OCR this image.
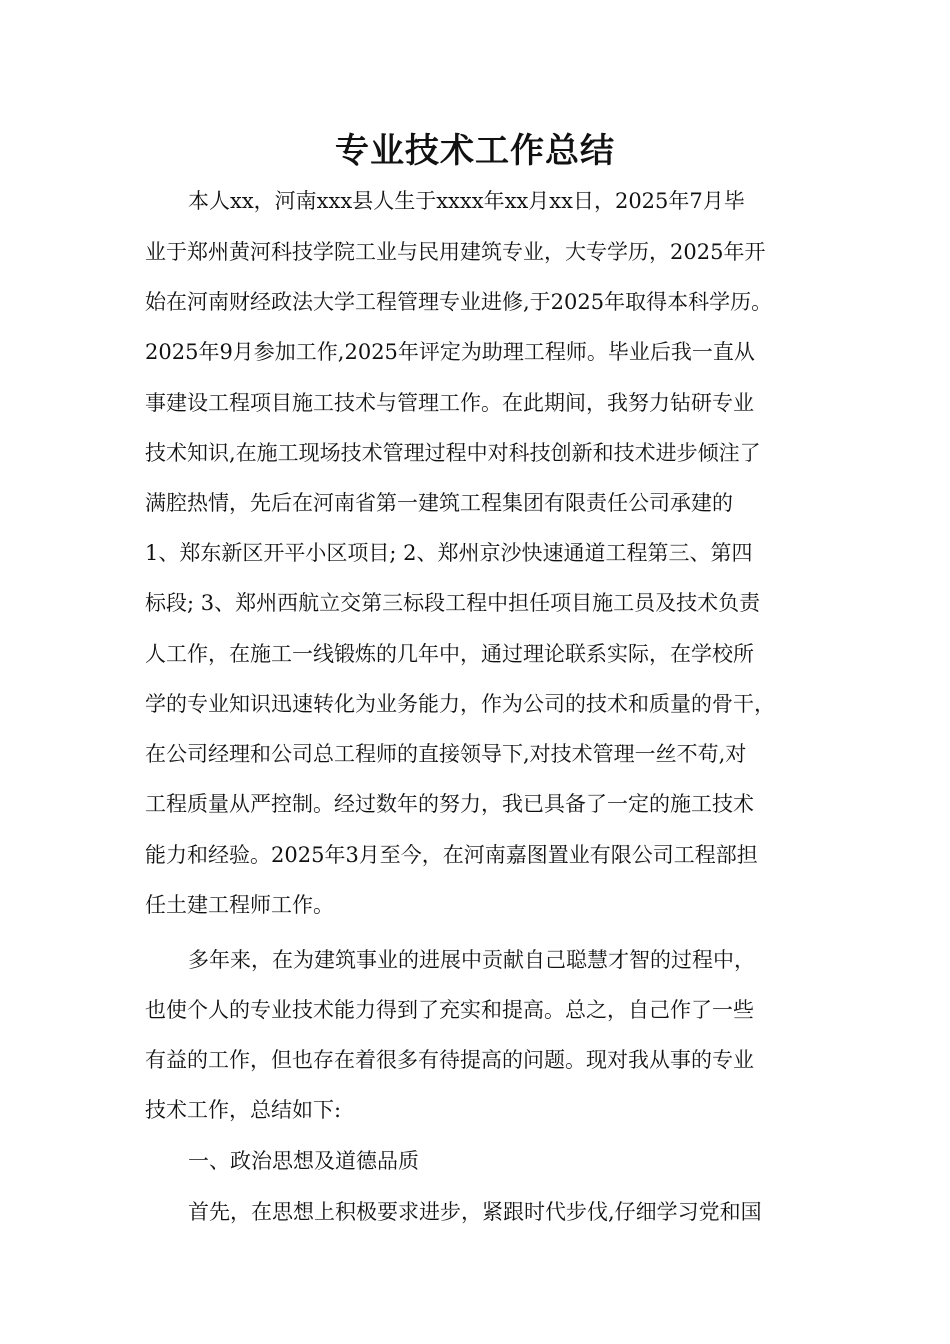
专业技术工作总结
本人xx，河南xxx县人生于xxxx年xx月xx日，2025年7月毕
业于郑州黄河科技学院工业与民用建筑专业，大专学历，2025年开
始在河南财经政法大学工程管理专业进修,于2025年取得本科学历。
2025年9月参加工作,2025年评定为助理工程师。毕业后我一直从
事建设工程项目施工技术与管理工作。在此期间，我努力钻研专业
技术知识,在施工现场技术管理过程中对科技创新和技术进步倾注了
满腔热情，先后在河南省第一建筑工程集团有限责任公司承建的
1、郑东新区开平小区项目; 2、郑州京沙快速通道工程第三、第四
标段; 3、郑州西航立交第三标段工程中担任项目施工员及技术负责
人工作，在施工一线锻炼的几年中，通过理论联系实际，在学校所
学的专业知识迅速转化为业务能力，作为公司的技术和质量的骨干，
在公司经理和公司总工程师的直接领导下,对技术管理一丝不苟,对
工程质量从严控制。经过数年的努力，我已具备了一定的施工技术
能力和经验。2025年3月至今，在河南嘉图置业有限公司工程部担
任土建工程师工作。
多年来，在为建筑事业的进展中贡献自己聪慧才智的过程中，
也使个人的专业技术能力得到了充实和提高。总之，自己作了一些
有益的工作，但也存在着很多有待提高的问题。现对我从事的专业
技术工作，总结如下:
一、政治思想及道德品质
首先，在思想上积极要求进步，紧跟时代步伐,仔细学习党和国
